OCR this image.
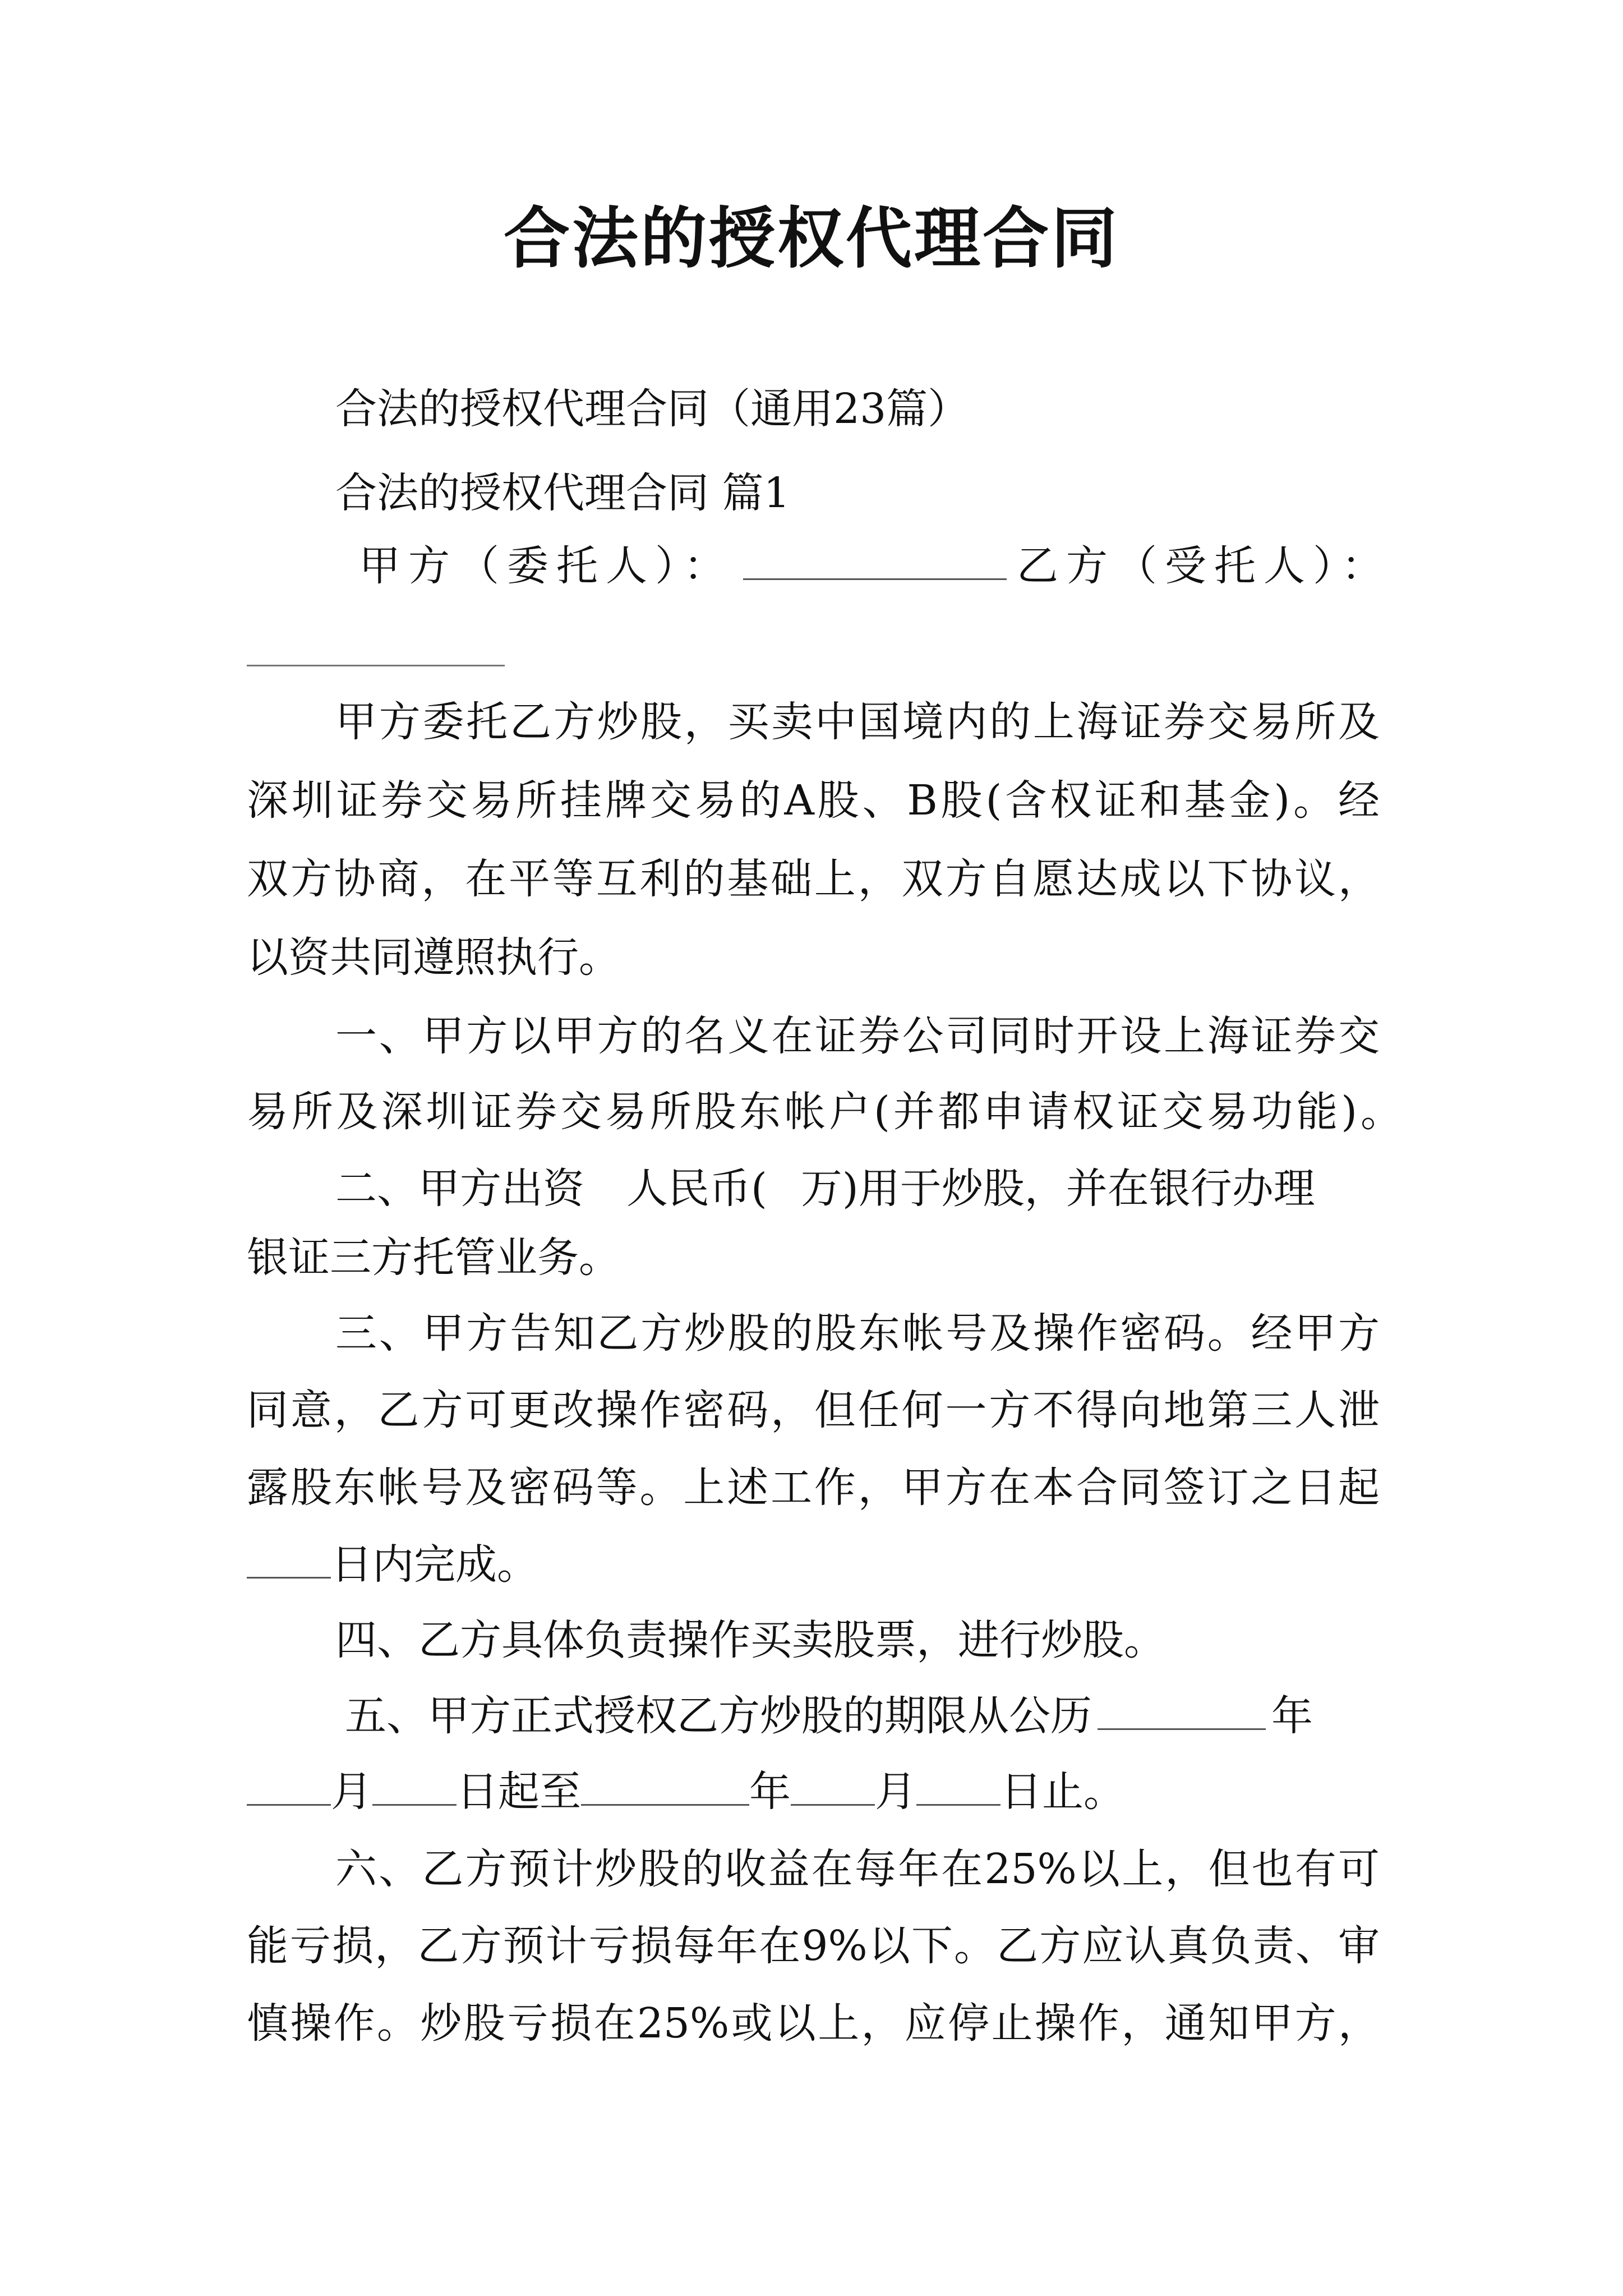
合法的授权代理合同
合法的授权代理合同（通用23篇）
合法的授权代理合同 篇1
甲方（委托人）：	乙方（受托人）：
甲方委托乙方炒股，买卖中国境内的上海证券交易所及
深圳证券交易所挂牌交易的A股、B股(含权证和基金)。经
双方协商，在平等互利的基础上，双方自愿达成以下协议，
以资共同遵照执行。
一、甲方以甲方的名义在证券公司同时开设上海证券交
易所及深圳证券交易所股东帐户(并都申请权证交易功能)。
二、甲方出资 人民币( 万)用于炒股，并在银行办理
银证三方托管业务。
三、甲方告知乙方炒股的股东帐号及操作密码。经甲方
同意，乙方可更改操作密码，但任何一方不得向地第三人泄
露股东帐号及密码等。上述工作，甲方在本合同签订之日起
日内完成。
四、乙方具体负责操作买卖股票，进行炒股。
五、甲方正式授权乙方炒股的期限从公历	年
月 日起至	年 月 日止。
六、乙方预计炒股的收益在每年在25%以上，但也有可
能亏损，乙方预计亏损每年在9%以下。乙方应认真负责、审
慎操作。炒股亏损在25%或以上，应停止操作，通知甲方，
